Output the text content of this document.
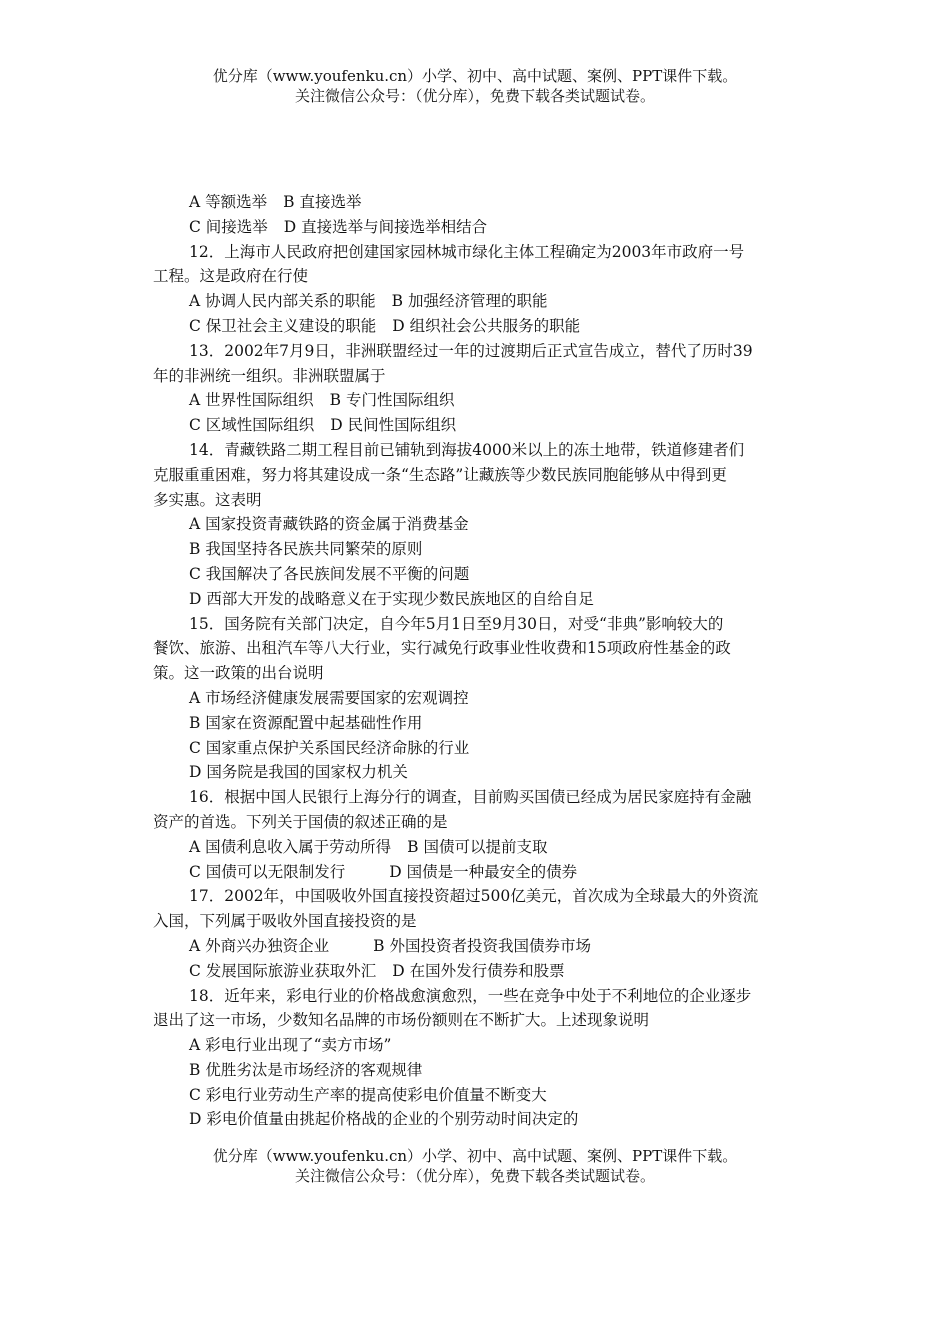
优分库（www.youfenku.cn）小学、初中、高中试题、案例、PPT课件下载。
关注微信公众号：（优分库），免费下载各类试题试卷。
A 等额选举 B 直接选举
C 间接选举 D 直接选举与间接选举相结合
12．上海市人民政府把创建国家园林城市绿化主体工程确定为2003年市政府一号
工程。这是政府在行使
A 协调人民内部关系的职能 B 加强经济管理的职能
C 保卫社会主义建设的职能 D 组织社会公共服务的职能
13．2002年7月9日，非洲联盟经过一年的过渡期后正式宣告成立，替代了历时39
年的非洲统一组织。非洲联盟属于
A 世界性国际组织 B 专门性国际组织
C 区域性国际组织 D 民间性国际组织
14．青藏铁路二期工程目前已铺轨到海拔4000米以上的冻土地带，铁道修建者们
克服重重困难，努力将其建设成一条“生态路”让藏族等少数民族同胞能够从中得到更
多实惠。这表明
A 国家投资青藏铁路的资金属于消费基金
B 我国坚持各民族共同繁荣的原则
C 我国解决了各民族间发展不平衡的问题
D 西部大开发的战略意义在于实现少数民族地区的自给自足
15．国务院有关部门决定，自今年5月1日至9月30日，对受“非典”影响较大的
餐饮、旅游、出租汽车等八大行业，实行减免行政事业性收费和15项政府性基金的政
策。这一政策的出台说明
A 市场经济健康发展需要国家的宏观调控
B 国家在资源配置中起基础性作用
C 国家重点保护关系国民经济命脉的行业
D 国务院是我国的国家权力机关
16．根据中国人民银行上海分行的调查，目前购买国债已经成为居民家庭持有金融
资产的首选。下列关于国债的叙述正确的是
A 国债利息收入属于劳动所得 B 国债可以提前支取
C 国债可以无限制发行	D 国债是一种最安全的债券
17．2002年，中国吸收外国直接投资超过500亿美元，首次成为全球最大的外资流
入国，下列属于吸收外国直接投资的是
A 外商兴办独资企业	B 外国投资者投资我国债券市场
C 发展国际旅游业获取外汇 D 在国外发行债券和股票
18．近年来，彩电行业的价格战愈演愈烈，一些在竞争中处于不利地位的企业逐步
退出了这一市场，少数知名品牌的市场份额则在不断扩大。上述现象说明
A 彩电行业出现了“卖方市场”
B 优胜劣汰是市场经济的客观规律
C 彩电行业劳动生产率的提高使彩电价值量不断变大
D 彩电价值量由挑起价格战的企业的个别劳动时间决定的
优分库（www.youfenku.cn）小学、初中、高中试题、案例、PPT课件下载。
关注微信公众号：（优分库），免费下载各类试题试卷。
